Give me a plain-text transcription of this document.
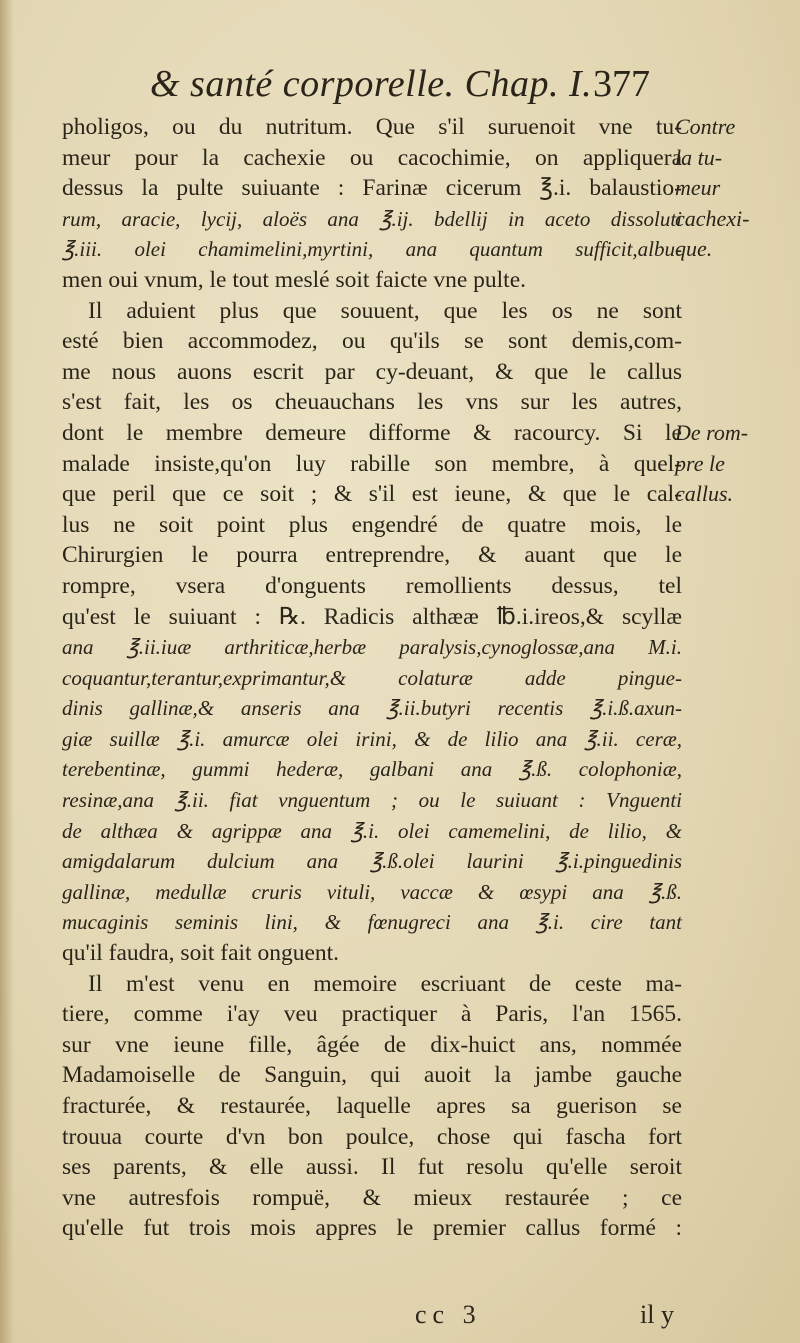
& santé corporelle. Chap. I. 377
pholigos, ou du nutritum. Que s'il suruenoit vne tu-
meur pour la cachexie ou cacochimie, on appliquera
dessus la pulte suiuante : Farinæ cicerum ℥.i. balaustio-
rum, aracie, lycij, aloës ana ℥.ij. bdellij in aceto dissoluti
℥.iii. olei chamimelini,myrtini, ana quantum sufficit,albu-
men oui vnum, le tout meslé soit faicte vne pulte.
Il aduient plus que souuent, que les os ne sont
esté bien accommodez, ou qu'ils se sont demis,com-
me nous auons escrit par cy-deuant, & que le callus
s'est fait, les os cheuauchans les vns sur les autres,
dont le membre demeure difforme & racourcy. Si le
malade insiste,qu'on luy rabille son membre, à quel-
que peril que ce soit ; & s'il est ieune, & que le cal-
lus ne soit point plus engendré de quatre mois, le
Chirurgien le pourra entreprendre, & auant que le
rompre, vsera d'onguents remollients dessus, tel
qu'est le suiuant : ℞. Radicis althææ ℔.i.ireos,& scyllæ
ana ℥.ii.iuæ arthriticæ,herbæ paralysis,cynoglossæ,ana M.i.
coquantur,terantur,exprimantur,& colaturæ adde pingue-
dinis gallinæ,& anseris ana ℥.ii.butyri recentis ℥.i.ß.axun-
giæ suillæ ℥.i. amurcæ olei irini, & de lilio ana ℥.ii. ceræ,
terebentinæ, gummi hederæ, galbani ana ℥.ß. colophoniæ,
resinæ,ana ℥.ii. fiat vnguentum ; ou le suiuant : Vnguenti
de althæa & agrippæ ana ℥.i. olei camemelini, de lilio, &
amigdalarum dulcium ana ℥.ß.olei laurini ℥.i.pinguedinis
gallinæ, medullæ cruris vituli, vaccæ & œsypi ana ℥.ß.
mucaginis seminis lini, & fœnugreci ana ℥.i. cire tant
qu'il faudra, soit fait onguent.
Il m'est venu en memoire escriuant de ceste ma-
tiere, comme i'ay veu practiquer à Paris, l'an 1565.
sur vne ieune fille, âgée de dix-huict ans, nommée
Madamoiselle de Sanguin, qui auoit la jambe gauche
fracturée, & restaurée, laquelle apres sa guerison se
trouua courte d'vn bon poulce, chose qui faschа fort
ses parents, & elle aussi. Il fut resolu qu'elle seroit
vne autresfois rompuë, & mieux restaurée ; ce
qu'elle fut trois mois appres le premier callus formé :
Contre
la tu-
meur
cachexi-
que.
De rom-
pre le
callus.
cc 3	il y
